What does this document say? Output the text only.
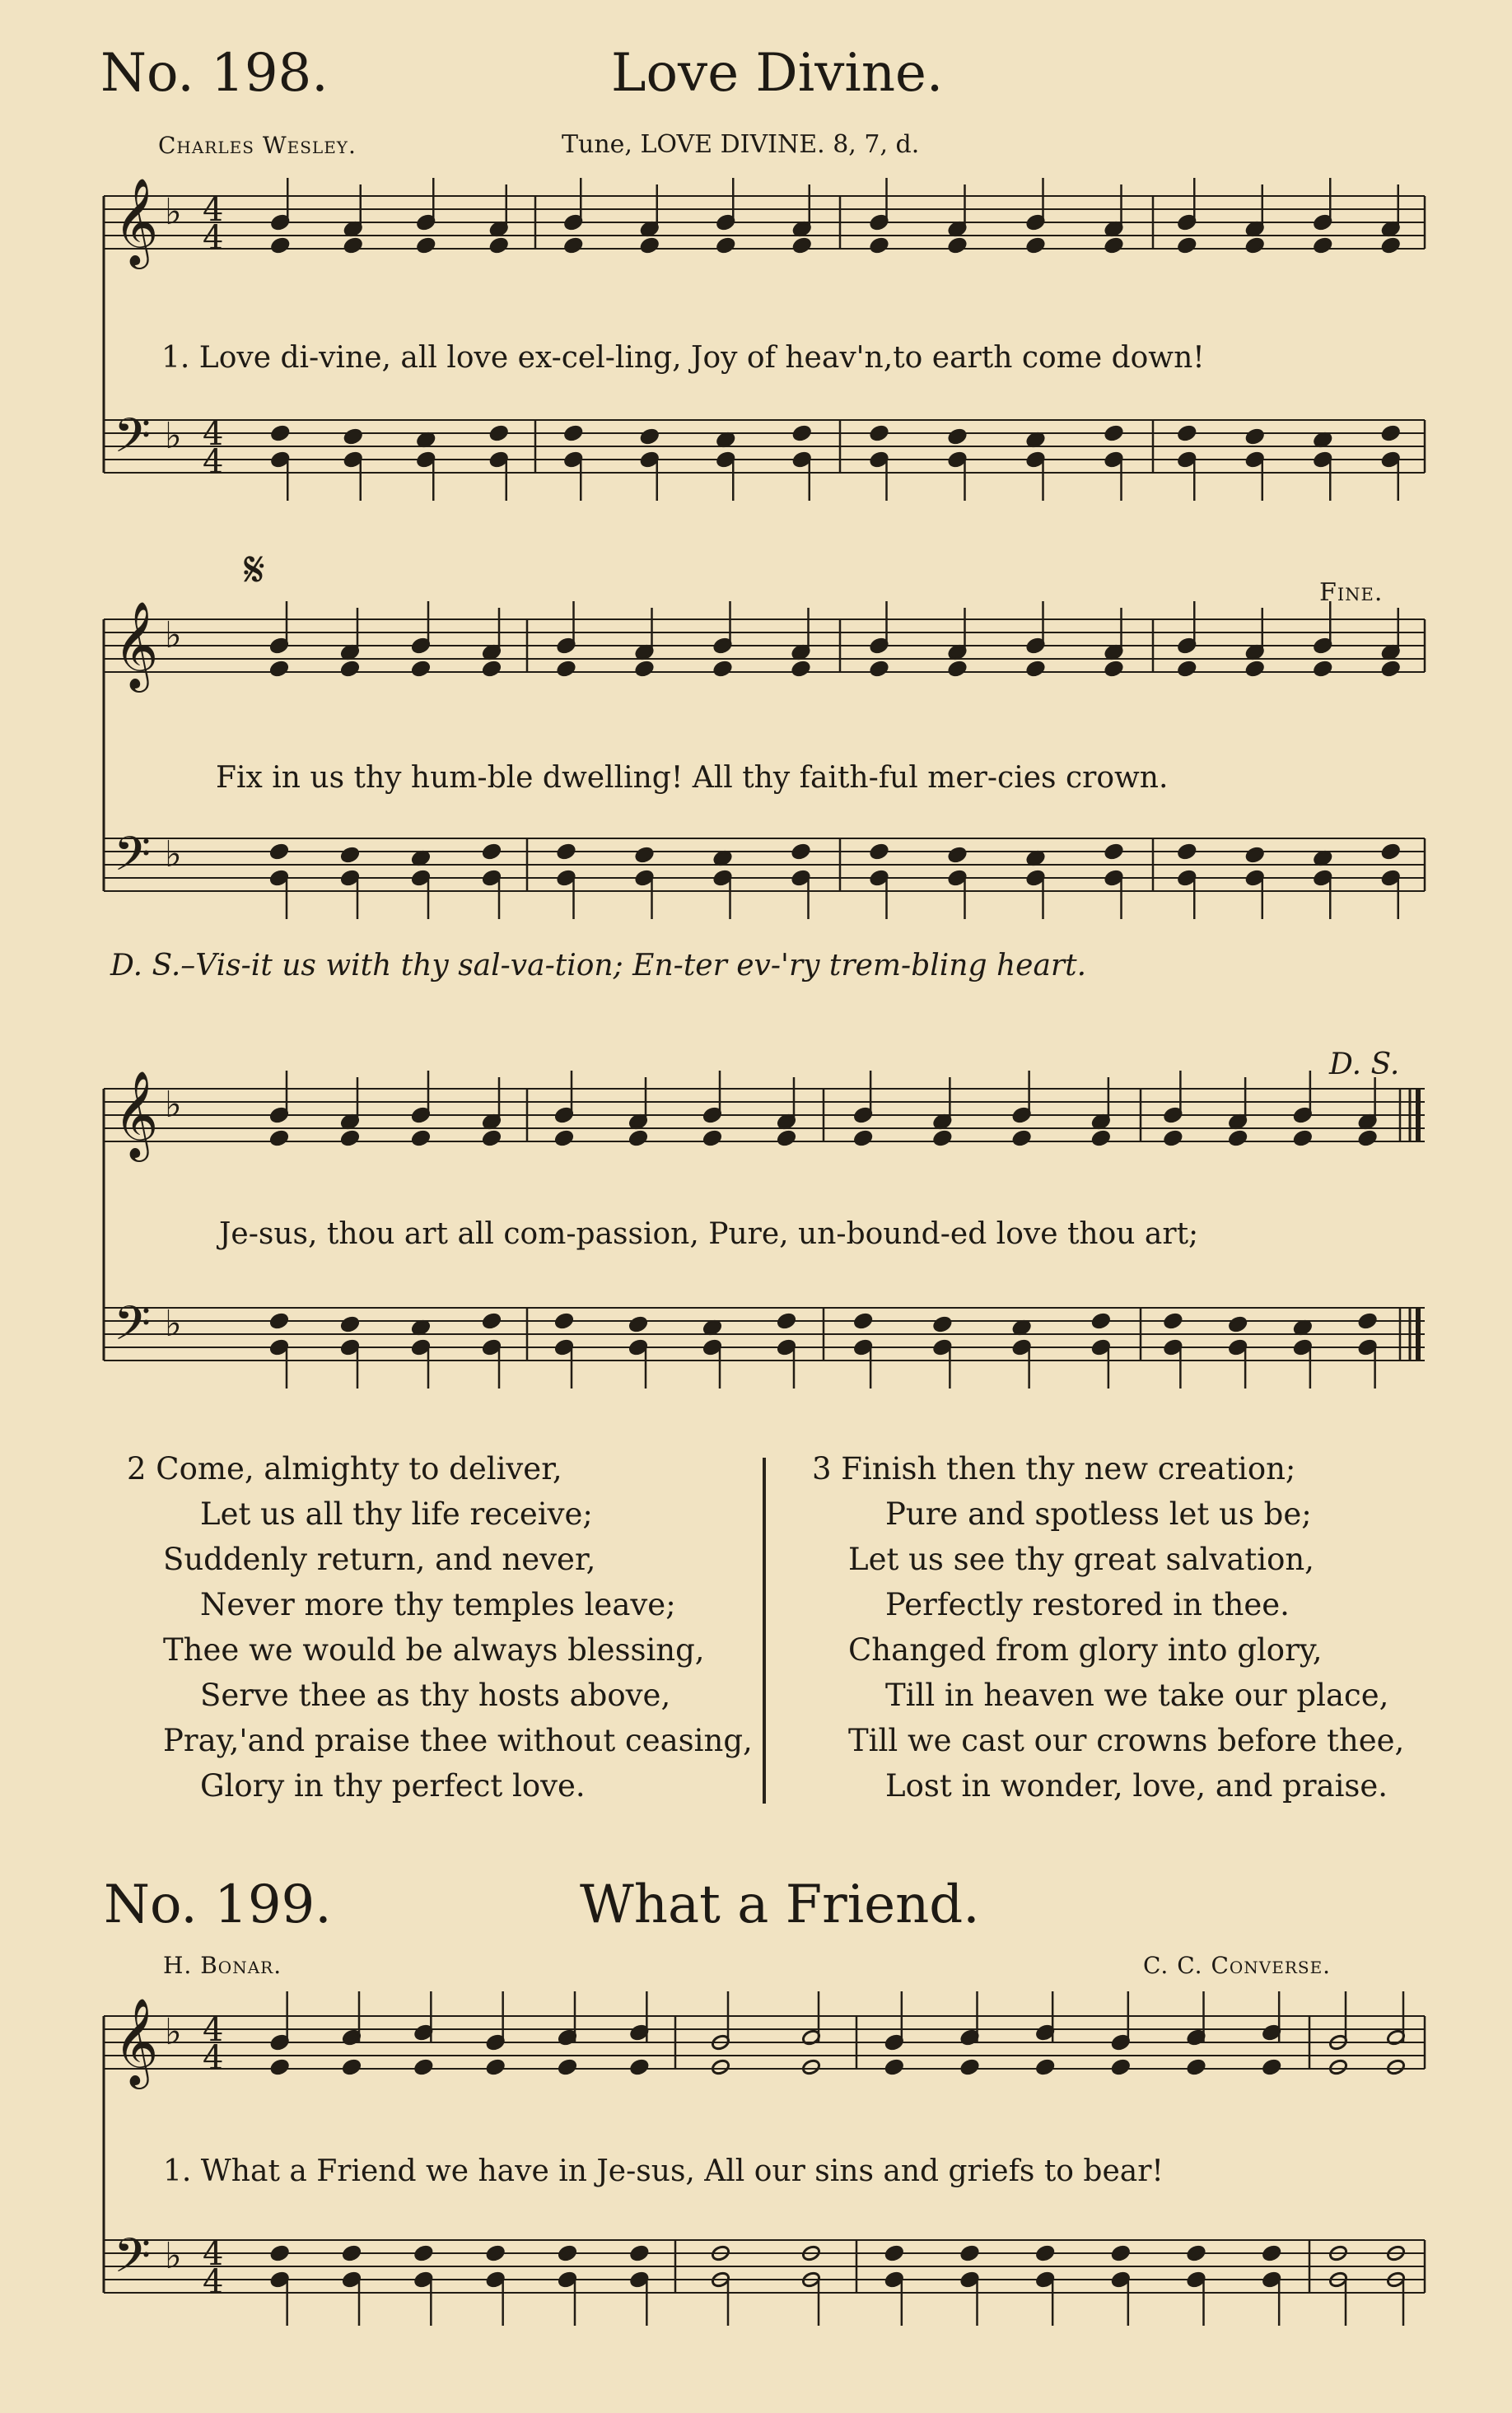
𝄞
𝄢
♭
♭
4
4
4
4
𝄞
𝄢
♭
♭
𝄋
𝄞
𝄢
♭
♭
𝄞
𝄢
♭
♭
4
4
4
4
No. 198.	Love Divine.
Charles Wesley.	Tune, LOVE DIVINE. 8, 7, d.
1. Love di-vine, all love ex-cel-ling, Joy of heav'n,to earth come down!
Fine.
Fix in us thy hum-ble dwelling! All thy faith-ful mer-cies crown.
D. S.–Vis-it us with thy sal-va-tion; En-ter ev-'ry trem-bling heart.
D. S.
Je-sus, thou art all com-passion, Pure, un-bound-ed love thou art;
2 Come, almighty to deliver,
Let us all thy life receive;
Suddenly return, and never,
Never more thy temples leave;
Thee we would be always blessing,
Serve thee as thy hosts above,
Pray,'and praise thee without ceasing,
Glory in thy perfect love.
3 Finish then thy new creation;
Pure and spotless let us be;
Let us see thy great salvation,
Perfectly restored in thee.
Changed from glory into glory,
Till in heaven we take our place,
Till we cast our crowns before thee,
Lost in wonder, love, and praise.
No. 199.	What a Friend.
H. Bonar.	C. C. Converse.
1. What a Friend we have in Je-sus, All our sins and griefs to bear!
